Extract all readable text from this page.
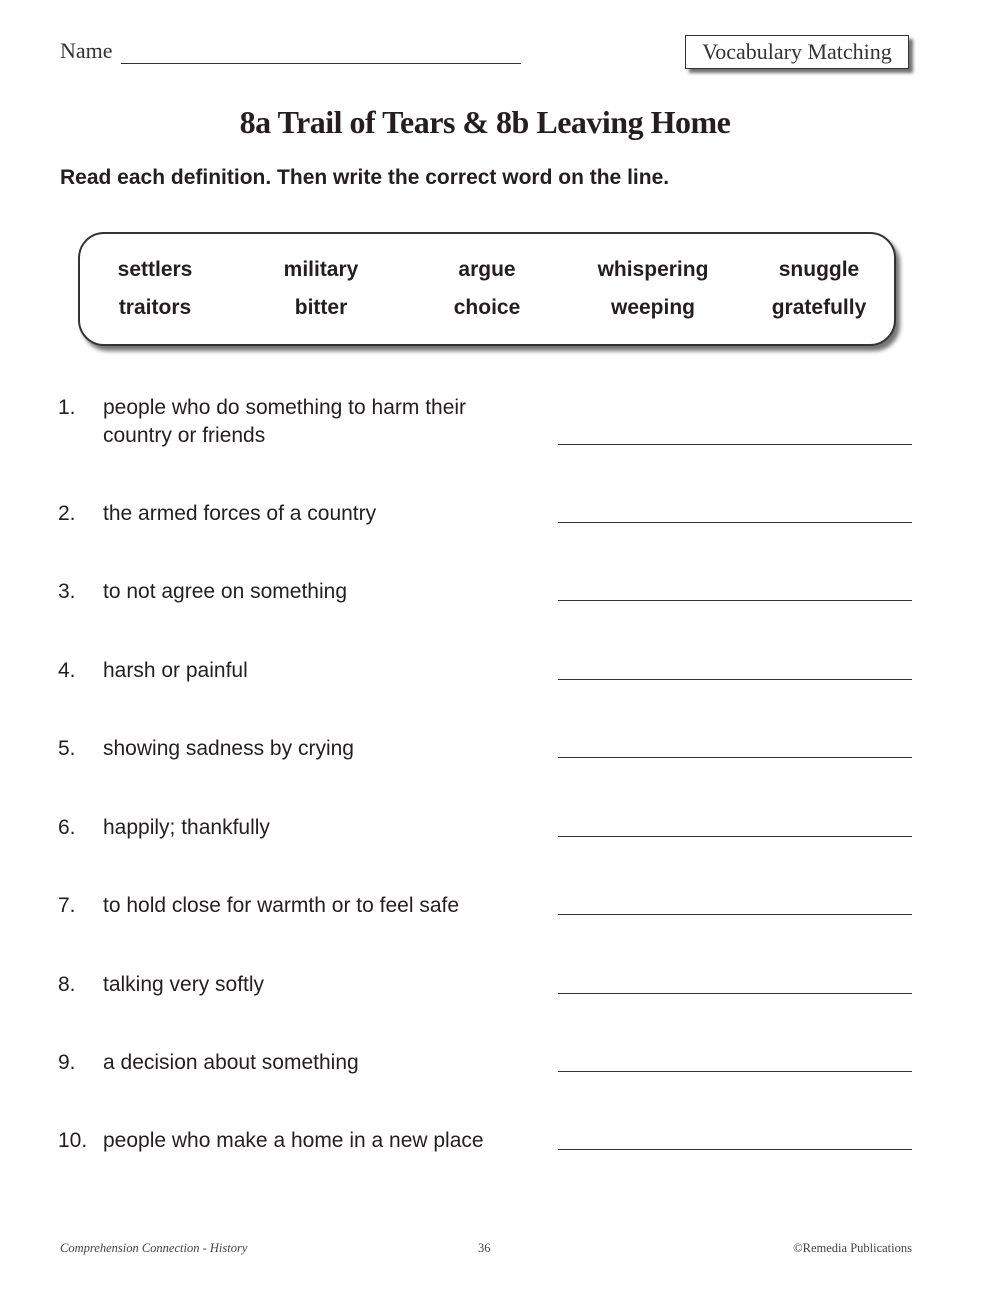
Name	Vocabulary Matching
8a Trail of Tears & 8b Leaving Home
Read each definition. Then write the correct word on the line.
settlers	military	argue	whispering	snuggle
traitors	bitter	choice	weeping	gratefully
1. people who do something to harm their country or friends
2. the armed forces of a country
3. to not agree on something
4. harsh or painful
5. showing sadness by crying
6. happily; thankfully
7. to hold close for warmth or to feel safe
8. talking very softly
9. a decision about something
10. people who make a home in a new place
Comprehension Connection - History	36	©Remedia Publications
